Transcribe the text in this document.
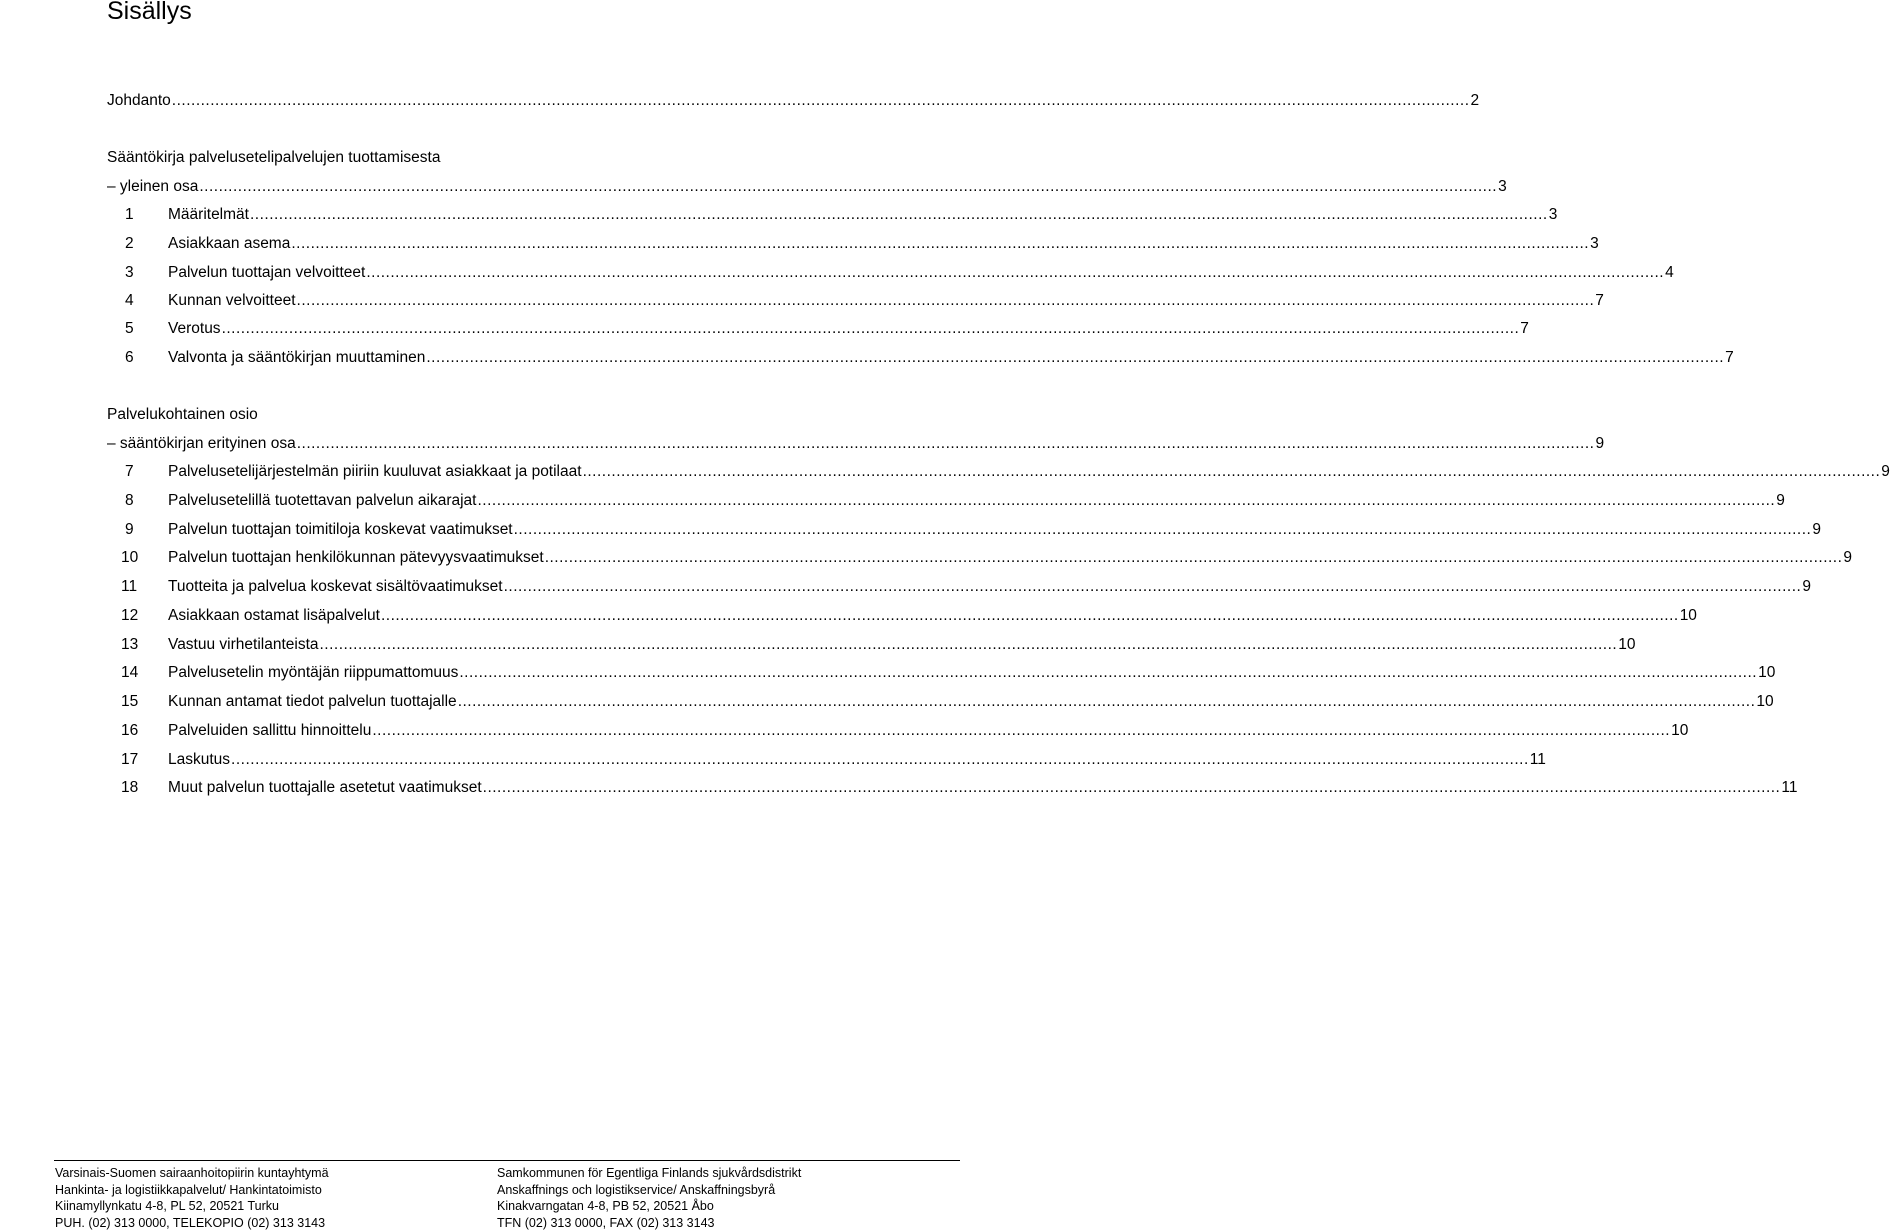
Sisällys
Johdanto .............................................................................................................................................................................................................................................................................. 2
Sääntökirja palvelusetelipalvelujen tuottamisesta
– yleinen osa .............................................................................................................................................................................................................................................................................. 3
1	Määritelmät .............................................................................................................................................................................................................................................................................. 3
2	Asiakkaan asema .............................................................................................................................................................................................................................................................................. 3
3	Palvelun tuottajan velvoitteet .............................................................................................................................................................................................................................................................................. 4
4	Kunnan velvoitteet .............................................................................................................................................................................................................................................................................. 7
5	Verotus .............................................................................................................................................................................................................................................................................. 7
6	Valvonta ja sääntökirjan muuttaminen .............................................................................................................................................................................................................................................................................. 7
Palvelukohtainen osio
– sääntökirjan erityinen osa .............................................................................................................................................................................................................................................................................. 9
7	Palvelusetelijärjestelmän piiriin kuuluvat asiakkaat ja potilaat .............................................................................................................................................................................................................................................................................. 9
8	Palvelusetelillä tuotettavan palvelun aikarajat .............................................................................................................................................................................................................................................................................. 9
9	Palvelun tuottajan toimitiloja koskevat vaatimukset .............................................................................................................................................................................................................................................................................. 9
10	Palvelun tuottajan henkilökunnan pätevyysvaatimukset .............................................................................................................................................................................................................................................................................. 9
11	Tuotteita ja palvelua koskevat sisältövaatimukset .............................................................................................................................................................................................................................................................................. 9
12	Asiakkaan ostamat lisäpalvelut .............................................................................................................................................................................................................................................................................. 10
13	Vastuu virhetilanteista .............................................................................................................................................................................................................................................................................. 10
14	Palvelusetelin myöntäjän riippumattomuus .............................................................................................................................................................................................................................................................................. 10
15	Kunnan antamat tiedot palvelun tuottajalle .............................................................................................................................................................................................................................................................................. 10
16	Palveluiden sallittu hinnoittelu .............................................................................................................................................................................................................................................................................. 10
17	Laskutus .............................................................................................................................................................................................................................................................................. 11
18	Muut palvelun tuottajalle asetetut vaatimukset .............................................................................................................................................................................................................................................................................. 11
Varsinais-Suomen sairaanhoitopiirin kuntayhtymä
Hankinta- ja logistiikkapalvelut/ Hankintatoimisto
Kiinamyllynkatu 4-8, PL 52, 20521 Turku
PUH. (02) 313 0000, TELEKOPIO (02) 313 3143
Samkommunen för Egentliga Finlands sjukvårdsdistrikt
Anskaffnings och logistikservice/ Anskaffningsbyrå
Kinakvarngatan 4-8, PB 52, 20521 Åbo
TFN (02) 313 0000, FAX (02) 313 3143
